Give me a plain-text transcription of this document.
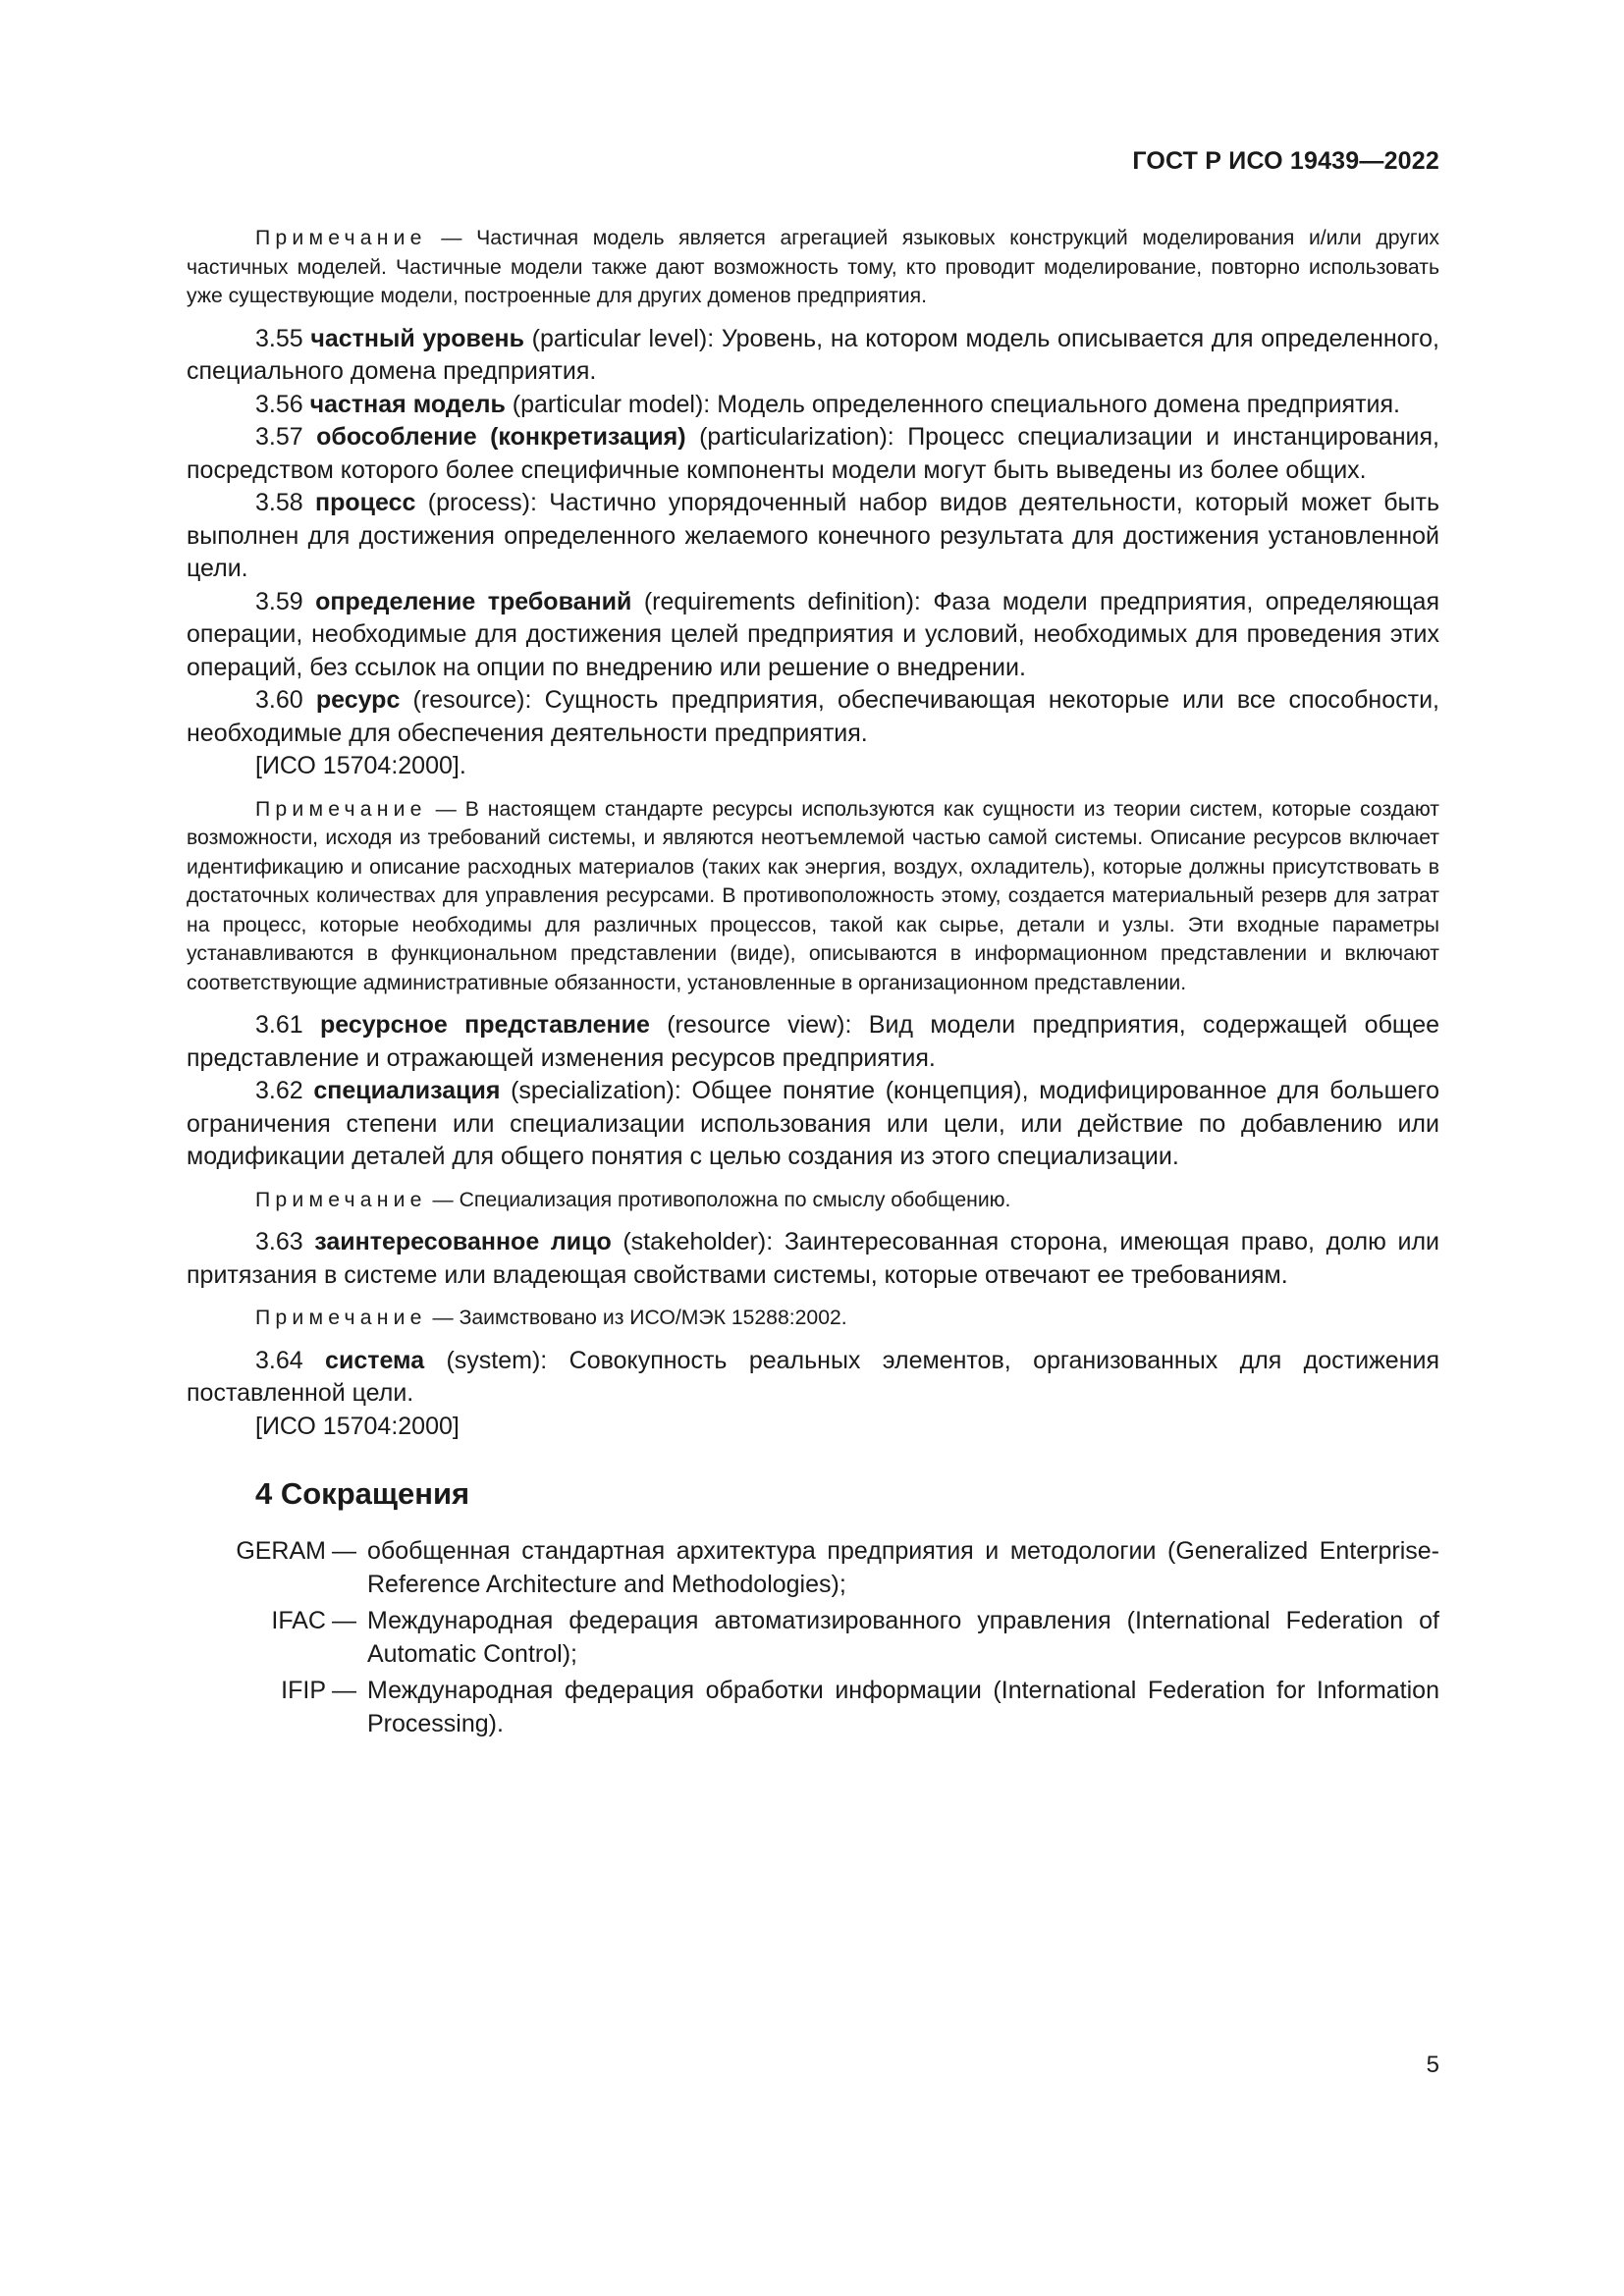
ГОСТ Р ИСО 19439—2022

Примечание — Частичная модель является агрегацией языковых конструкций моделирования и/или других частичных моделей. Частичные модели также дают возможность тому, кто проводит моделирование, повторно использовать уже существующие модели, построенные для других доменов предприятия.

3.55 частный уровень (particular level): Уровень, на котором модель описывается для определенного, специального домена предприятия.

3.56 частная модель (particular model): Модель определенного специального домена предприятия.

3.57 обособление (конкретизация) (particularization): Процесс специализации и инстанцирования, посредством которого более специфичные компоненты модели могут быть выведены из более общих.

3.58 процесс (process): Частично упорядоченный набор видов деятельности, который может быть выполнен для достижения определенного желаемого конечного результата для достижения установленной цели.

3.59 определение требований (requirements definition): Фаза модели предприятия, определяющая операции, необходимые для достижения целей предприятия и условий, необходимых для проведения этих операций, без ссылок на опции по внедрению или решение о внедрении.

3.60 ресурс (resource): Сущность предприятия, обеспечивающая некоторые или все способности, необходимые для обеспечения деятельности предприятия.

[ИСО 15704:2000].

Примечание — В настоящем стандарте ресурсы используются как сущности из теории систем, которые создают возможности, исходя из требований системы, и являются неотъемлемой частью самой системы. Описание ресурсов включает идентификацию и описание расходных материалов (таких как энергия, воздух, охладитель), которые должны присутствовать в достаточных количествах для управления ресурсами. В противоположность этому, создается материальный резерв для затрат на процесс, которые необходимы для различных процессов, такой как сырье, детали и узлы. Эти входные параметры устанавливаются в функциональном представлении (виде), описываются в информационном представлении и включают соответствующие административные обязанности, установленные в организационном представлении.

3.61 ресурсное представление (resource view): Вид модели предприятия, содержащей общее представление и отражающей изменения ресурсов предприятия.

3.62 специализация (specialization): Общее понятие (концепция), модифицированное для большего ограничения степени или специализации использования или цели, или действие по добавлению или модификации деталей для общего понятия с целью создания из этого специализации.

Примечание — Специализация противоположна по смыслу обобщению.

3.63 заинтересованное лицо (stakeholder): Заинтересованная сторона, имеющая право, долю или притязания в системе или владеющая свойствами системы, которые отвечают ее требованиям.

Примечание — Заимствовано из ИСО/МЭК 15288:2002.

3.64 система (system): Совокупность реальных элементов, организованных для достижения поставленной цели.

[ИСО 15704:2000]

4 Сокращения
GERAM — обобщенная стандартная архитектура предприятия и методологии (Generalized Enterprise-Reference Architecture and Methodologies);
IFAC — Международная федерация автоматизированного управления (International Federation of Automatic Control);
IFIP — Международная федерация обработки информации (International Federation for Information Processing).
5
